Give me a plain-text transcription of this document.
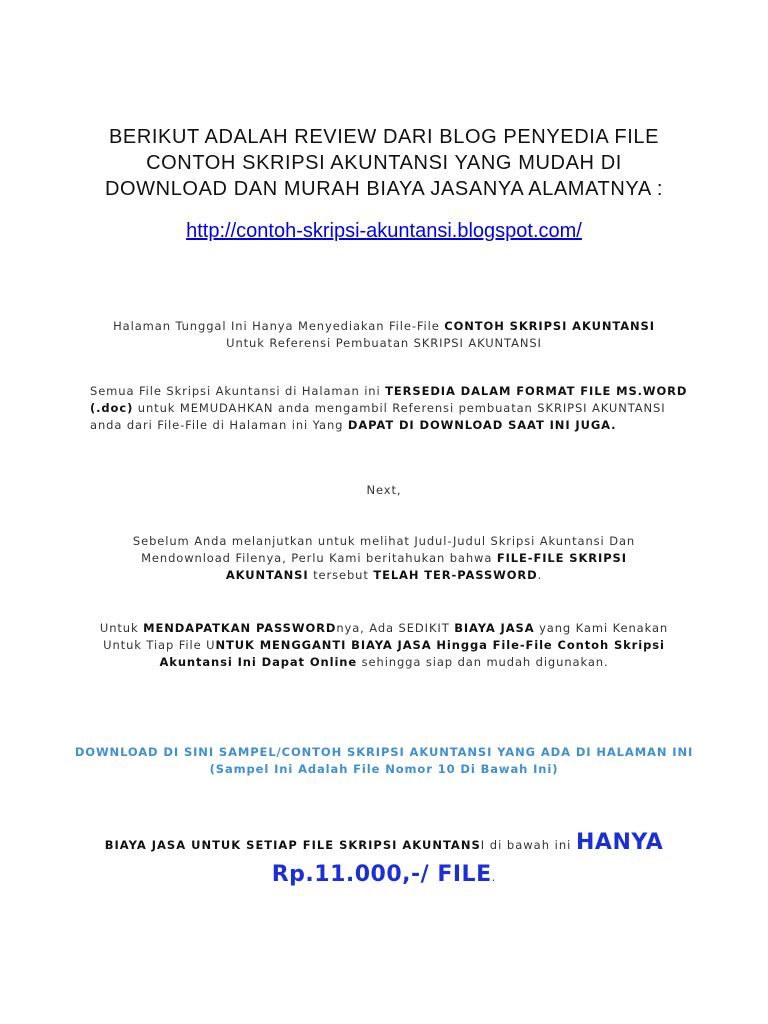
BERIKUT ADALAH REVIEW DARI BLOG PENYEDIA FILE
CONTOH SKRIPSI AKUNTANSI YANG MUDAH DI
DOWNLOAD DAN MURAH BIAYA JASANYA ALAMATNYA :
http://contoh-skripsi-akuntansi.blogspot.com/
Halaman Tunggal Ini Hanya Menyediakan File-File CONTOH SKRIPSI AKUNTANSI
Untuk Referensi Pembuatan SKRIPSI AKUNTANSI
Semua File Skripsi Akuntansi di Halaman ini TERSEDIA DALAM FORMAT FILE MS.WORD (.doc) untuk MEMUDAHKAN anda mengambil Referensi pembuatan SKRIPSI AKUNTANSI anda dari File-File di Halaman ini Yang DAPAT DI DOWNLOAD SAAT INI JUGA.
Next,
Sebelum Anda melanjutkan untuk melihat Judul-Judul Skripsi Akuntansi Dan Mendownload Filenya, Perlu Kami beritahukan bahwa FILE-FILE SKRIPSI AKUNTANSI tersebut TELAH TER-PASSWORD.
Untuk MENDAPATKAN PASSWORDnya, Ada SEDIKIT BIAYA JASA yang Kami Kenakan Untuk Tiap File UNTUK MENGGANTI BIAYA JASA Hingga File-File Contoh Skripsi Akuntansi Ini Dapat Online sehingga siap dan mudah digunakan.
DOWNLOAD DI SINI SAMPEL/CONTOH SKRIPSI AKUNTANSI YANG ADA DI HALAMAN INI (Sampel Ini Adalah File Nomor 10 Di Bawah Ini)
BIAYA JASA UNTUK SETIAP FILE SKRIPSI AKUNTANSI di bawah ini HANYA Rp.11.000,-/ FILE.
